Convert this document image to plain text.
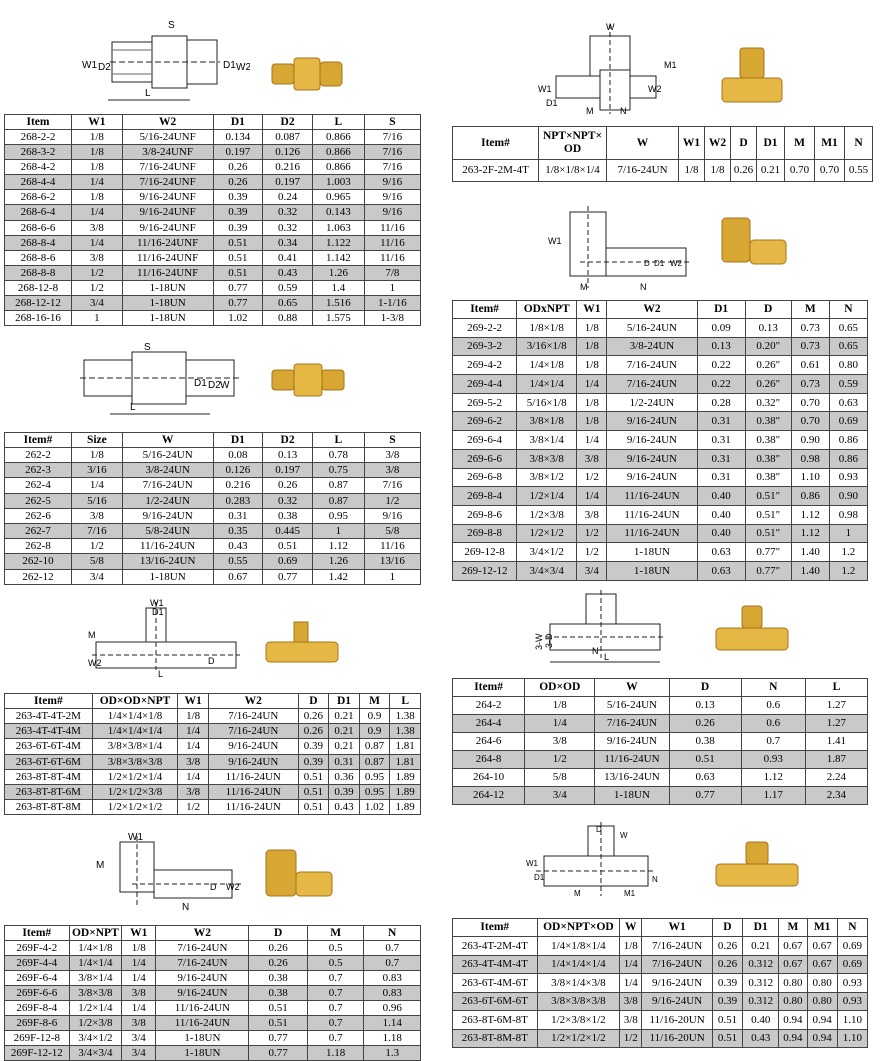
L
S
W1 D2	D1 W2
Item	W1	W2	D1	D2	L	S
268-2-2	1/8	5/16-24UNF	0.134	0.087	0.866	7/16
268-3-2	1/8	3/8-24UNF	0.197	0.126	0.866	7/16
268-4-2	1/8	7/16-24UNF	0.26	0.216	0.866	7/16
268-4-4	1/4	7/16-24UNF	0.26	0.197	1.003	9/16
268-6-2	1/8	9/16-24UNF	0.39	0.24	0.965	9/16
268-6-4	1/4	9/16-24UNF	0.39	0.32	0.143	9/16
268-6-6	3/8	9/16-24UNF	0.39	0.32	1.063	11/16
268-8-4	1/4	11/16-24UNF	0.51	0.34	1.122	11/16
268-8-6	3/8	11/16-24UNF	0.51	0.41	1.142	11/16
268-8-8	1/2	11/16-24UNF	0.51	0.43	1.26	7/8
268-12-8	1/2	1-18UN	0.77	0.59	1.4	1
268-12-12	3/4	1-18UN	0.77	0.65	1.516	1-1/16
268-16-16	1	1-18UN	1.02	0.88	1.575	1-3/8
S
D1 D2 W
L
Item#	Size	W	D1	D2	L	S
262-2	1/8	5/16-24UN	0.08	0.13	0.78	3/8
262-3	3/16	3/8-24UN	0.126	0.197	0.75	3/8
262-4	1/4	7/16-24UN	0.216	0.26	0.87	7/16
262-5	5/16	1/2-24UN	0.283	0.32	0.87	1/2
262-6	3/8	9/16-24UN	0.31	0.38	0.95	9/16
262-7	7/16	5/8-24UN	0.35	0.445	1	5/8
262-8	1/2	11/16-24UN	0.43	0.51	1.12	11/16
262-10	5/8	13/16-24UN	0.55	0.69	1.26	13/16
262-12	3/4	1-18UN	0.67	0.77	1.42	1
W1
D1
M
W2	D
L
Item#	OD×OD×NPT	W1	W2	D	D1	M	L
263-4T-4T-2M	1/4×1/4×1/8	1/8	7/16-24UN	0.26	0.21	0.9	1.38
263-4T-4T-4M	1/4×1/4×1/4	1/4	7/16-24UN	0.26	0.21	0.9	1.38
263-6T-6T-4M	3/8×3/8×1/4	1/4	9/16-24UN	0.39	0.21	0.87	1.81
263-6T-6T-6M	3/8×3/8×3/8	3/8	9/16-24UN	0.39	0.31	0.87	1.81
263-8T-8T-4M	1/2×1/2×1/4	1/4	11/16-24UN	0.51	0.36	0.95	1.89
263-8T-8T-6M	1/2×1/2×3/8	3/8	11/16-24UN	0.51	0.39	0.95	1.89
263-8T-8T-8M	1/2×1/2×1/2	1/2	11/16-24UN	0.51	0.43	1.02	1.89
W1
M
D W2
N
Item#	OD×NPT	W1	W2	D	M	N
269F-4-2	1/4×1/8	1/8	7/16-24UN	0.26	0.5	0.7
269F-4-4	1/4×1/4	1/4	7/16-24UN	0.26	0.5	0.7
269F-6-4	3/8×1/4	1/4	9/16-24UN	0.38	0.7	0.83
269F-6-6	3/8×3/8	3/8	9/16-24UN	0.38	0.7	0.83
269F-8-4	1/2×1/4	1/4	11/16-24UN	0.51	0.7	0.96
269F-8-6	1/2×3/8	3/8	11/16-24UN	0.51	0.7	1.14
269F-12-8	3/4×1/2	3/4	1-18UN	0.77	0.7	1.18
269F-12-12	3/4×3/4	3/4	1-18UN	0.77	1.18	1.3
W
W1
D1
M1
W2
M	N
Item#	NPT×NPT×
OD	W	W1	W2	D	D1	M	M1	N
263-2F-2M-4T	1/8×1/8×1/4	7/16-24UN	1/8	1/8	0.26	0.21	0.70	0.70	0.55
W1
D D1 W2
N
M
Item#	ODxNPT	W1	W2	D1	D	M	N
269-2-2	1/8×1/8	1/8	5/16-24UN	0.09	0.13	0.73	0.65
269-3-2	3/16×1/8	1/8	3/8-24UN	0.13	0.20"	0.73	0.65
269-4-2	1/4×1/8	1/8	7/16-24UN	0.22	0.26"	0.61	0.80
269-4-4	1/4×1/4	1/4	7/16-24UN	0.22	0.26"	0.73	0.59
269-5-2	5/16×1/8	1/8	1/2-24UN	0.28	0.32"	0.70	0.63
269-6-2	3/8×1/8	1/8	9/16-24UN	0.31	0.38"	0.70	0.69
269-6-4	3/8×1/4	1/4	9/16-24UN	0.31	0.38"	0.90	0.86
269-6-6	3/8×3/8	3/8	9/16-24UN	0.31	0.38"	0.98	0.86
269-6-8	3/8×1/2	1/2	9/16-24UN	0.31	0.38"	1.10	0.93
269-8-4	1/2×1/4	1/4	11/16-24UN	0.40	0.51"	0.86	0.90
269-8-6	1/2×3/8	3/8	11/16-24UN	0.40	0.51"	1.12	0.98
269-8-8	1/2×1/2	1/2	11/16-24UN	0.40	0.51"	1.12	1
269-12-8	3/4×1/2	1/2	1-18UN	0.63	0.77"	1.40	1.2
269-12-12	3/4×3/4	3/4	1-18UN	0.63	0.77"	1.40	1.2
3-W 3-D
N
L
Item#	OD×OD	W	D	N	L
264-2	1/8	5/16-24UN	0.13	0.6	1.27
264-4	1/4	7/16-24UN	0.26	0.6	1.27
264-6	3/8	9/16-24UN	0.38	0.7	1.41
264-8	1/2	11/16-24UN	0.51	0.93	1.87
264-10	5/8	13/16-24UN	0.63	1.12	2.24
264-12	3/4	1-18UN	0.77	1.17	2.34
D
W
W1
D1
M1
N
M
Item#	OD×NPT×OD	W	W1	D	D1	M	M1	N
263-4T-2M-4T	1/4×1/8×1/4	1/8	7/16-24UN	0.26	0.21	0.67	0.67	0.69
263-4T-4M-4T	1/4×1/4×1/4	1/4	7/16-24UN	0.26	0.312	0.67	0.67	0.69
263-6T-4M-6T	3/8×1/4×3/8	1/4	9/16-24UN	0.39	0.312	0.80	0.80	0.93
263-6T-6M-6T	3/8×3/8×3/8	3/8	9/16-24UN	0.39	0.312	0.80	0.80	0.93
263-8T-6M-8T	1/2×3/8×1/2	3/8	11/16-20UN	0.51	0.40	0.94	0.94	1.10
263-8T-8M-8T	1/2×1/2×1/2	1/2	11/16-20UN	0.51	0.43	0.94	0.94	1.10
